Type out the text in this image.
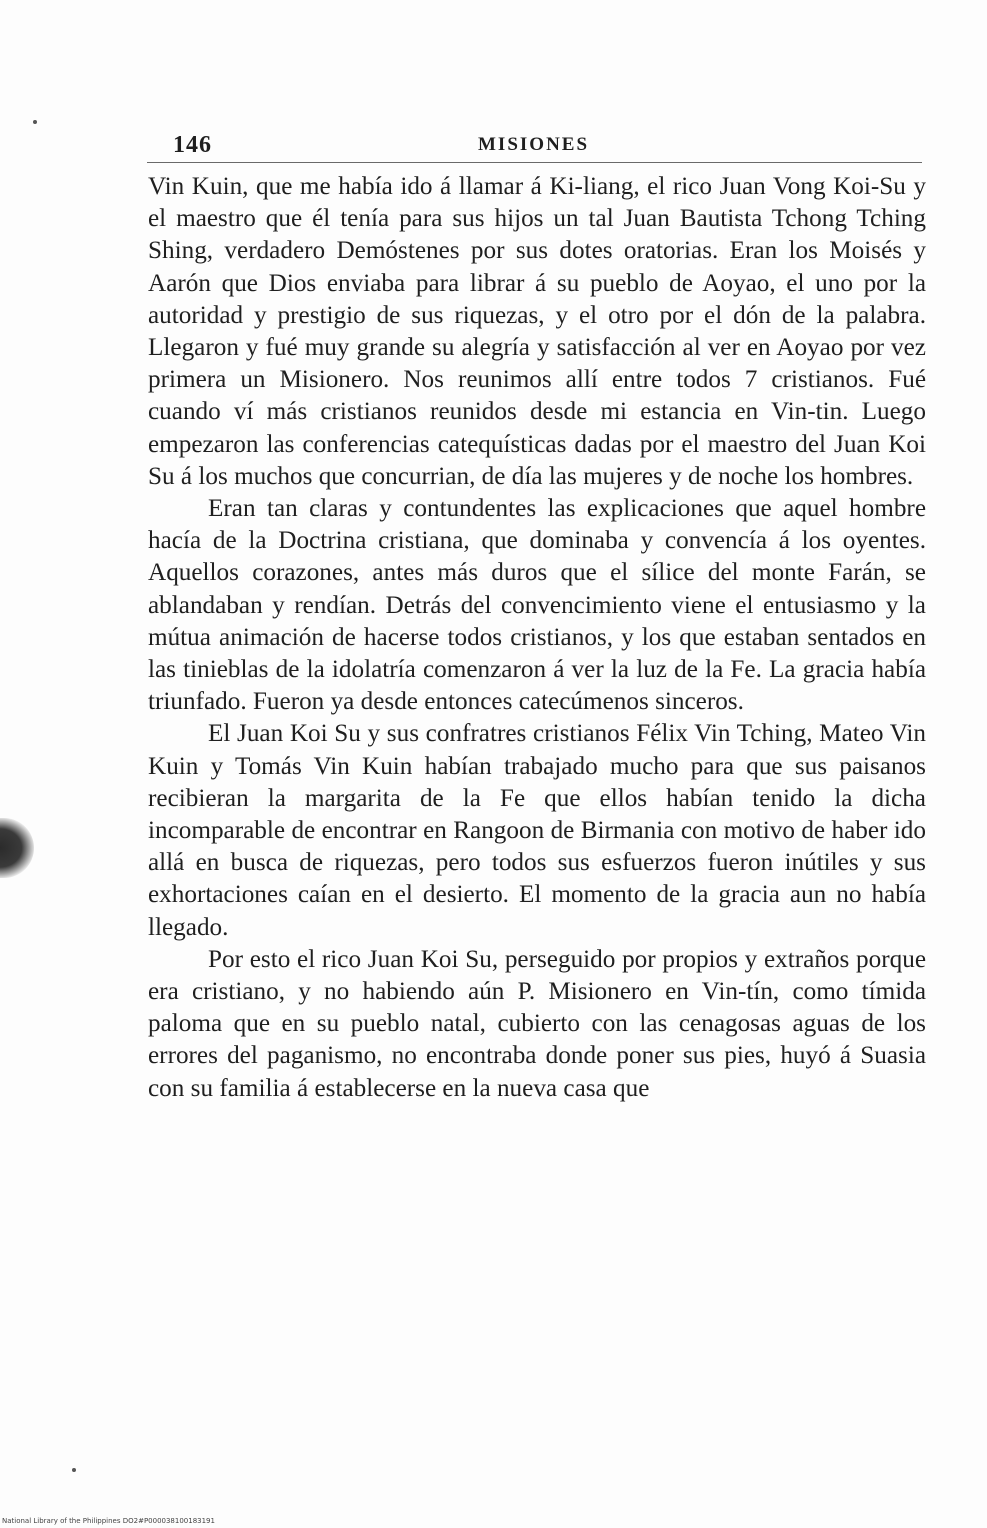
146	MISIONES

Vin Kuin, que me había ido á llamar á Ki-liang, el rico Juan Vong Koi-Su y el maestro que él tenía para sus hijos un tal Juan Bautista Tchong Tching Shing, verdadero Demóstenes por sus dotes oratorias. Eran los Moisés y Aarón que Dios enviaba para librar á su pueblo de Aoyao, el uno por la autoridad y prestigio de sus riquezas, y el otro por el dón de la palabra. Llegaron y fué muy grande su alegría y satisfacción al ver en Aoyao por vez primera un Misionero. Nos reunimos allí entre todos 7 cristianos. Fué cuando ví más cristianos reunidos desde mi estancia en Vin-tin. Luego empezaron las conferencias catequísticas dadas por el maestro del Juan Koi Su á los muchos que concurrian, de día las mujeres y de noche los hombres.

Eran tan claras y contundentes las explicaciones que aquel hombre hacía de la Doctrina cristiana, que dominaba y convencía á los oyentes. Aquellos corazones, antes más duros que el sílice del monte Farán, se ablandaban y rendían. Detrás del convencimiento viene el entusiasmo y la mútua animación de hacerse todos cristianos, y los que estaban sentados en las tinieblas de la idolatría comenzaron á ver la luz de la Fe. La gracia había triunfado. Fueron ya desde entonces catecúmenos sinceros.

El Juan Koi Su y sus confratres cristianos Félix Vin Tching, Mateo Vin Kuin y Tomás Vin Kuin habían trabajado mucho para que sus paisanos recibieran la margarita de la Fe que ellos habían tenido la dicha incomparable de encontrar en Rangoon de Birmania con motivo de haber ido allá en busca de riquezas, pero todos sus esfuerzos fueron inútiles y sus exhortaciones caían en el desierto. El momento de la gracia aun no había llegado.

Por esto el rico Juan Koi Su, perseguido por propios y extraños porque era cristiano, y no habiendo aún P. Misionero en Vin-tín, como tímida paloma que en su pueblo natal, cubierto con las cenagosas aguas de los errores del paganismo, no encontraba donde poner sus pies, huyó á Suasia con su familia á establecerse en la nueva casa que

National Library of the Philippines DO2#P000038100183191
